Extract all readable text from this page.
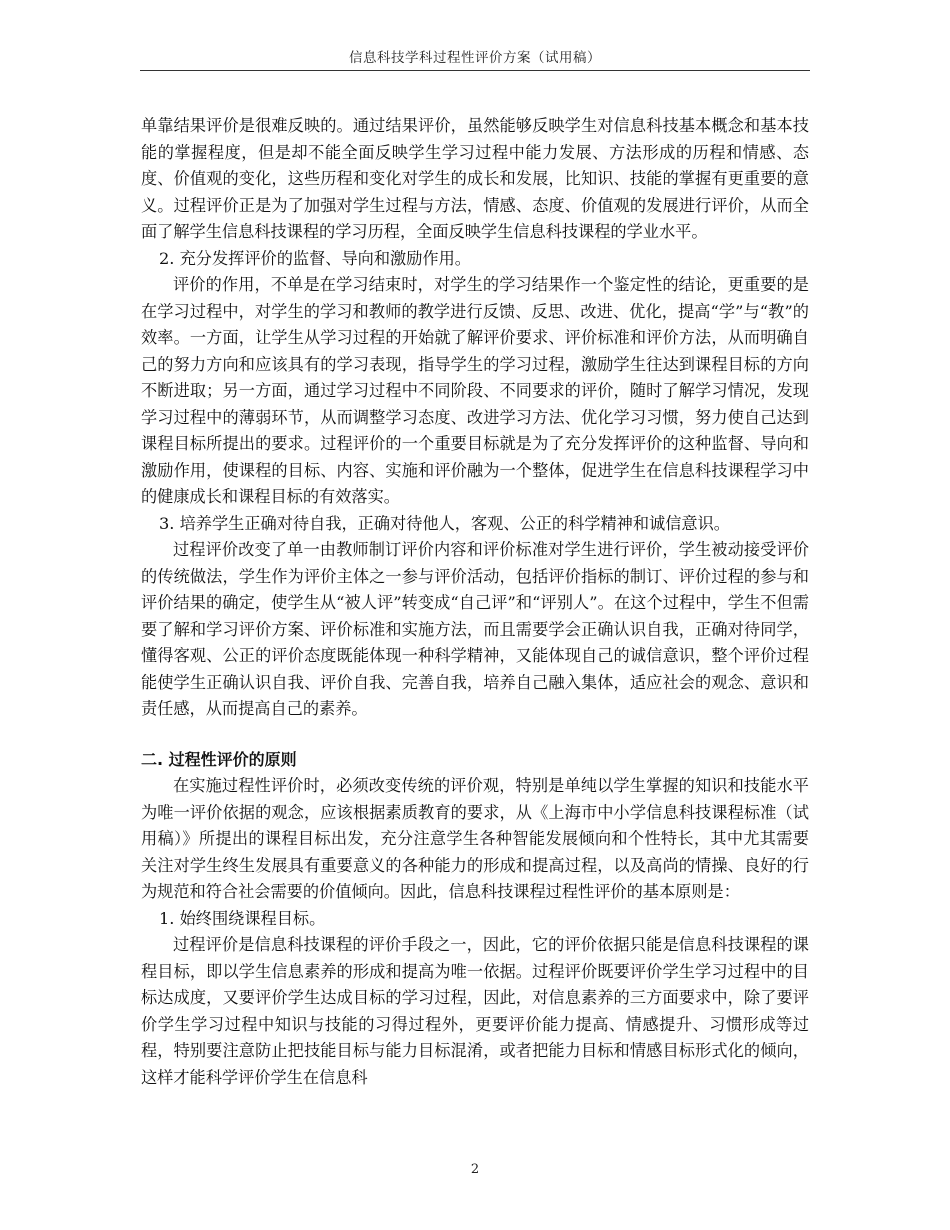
信息科技学科过程性评价方案（试用稿）

单靠结果评价是很难反映的。通过结果评价，虽然能够反映学生对信息科技基本概念和基本技能的掌握程度，但是却不能全面反映学生学习过程中能力发展、方法形成的历程和情感、态度、价值观的变化，这些历程和变化对学生的成长和发展，比知识、技能的掌握有更重要的意义。过程评价正是为了加强对学生过程与方法，情感、态度、价值观的发展进行评价，从而全面了解学生信息科技课程的学习历程，全面反映学生信息科技课程的学业水平。

2. 充分发挥评价的监督、导向和激励作用。

评价的作用，不单是在学习结束时，对学生的学习结果作一个鉴定性的结论，更重要的是在学习过程中，对学生的学习和教师的教学进行反馈、反思、改进、优化，提高“学”与“教”的效率。一方面，让学生从学习过程的开始就了解评价要求、评价标准和评价方法，从而明确自己的努力方向和应该具有的学习表现，指导学生的学习过程，激励学生往达到课程目标的方向不断进取；另一方面，通过学习过程中不同阶段、不同要求的评价，随时了解学习情况，发现学习过程中的薄弱环节，从而调整学习态度、改进学习方法、优化学习习惯，努力使自己达到课程目标所提出的要求。过程评价的一个重要目标就是为了充分发挥评价的这种监督、导向和激励作用，使课程的目标、内容、实施和评价融为一个整体，促进学生在信息科技课程学习中的健康成长和课程目标的有效落实。

3. 培养学生正确对待自我，正确对待他人，客观、公正的科学精神和诚信意识。

过程评价改变了单一由教师制订评价内容和评价标准对学生进行评价，学生被动接受评价的传统做法，学生作为评价主体之一参与评价活动，包括评价指标的制订、评价过程的参与和评价结果的确定，使学生从“被人评”转变成“自己评”和“评别人”。在这个过程中，学生不但需要了解和学习评价方案、评价标准和实施方法，而且需要学会正确认识自我，正确对待同学，懂得客观、公正的评价态度既能体现一种科学精神，又能体现自己的诚信意识，整个评价过程能使学生正确认识自我、评价自我、完善自我，培养自己融入集体，适应社会的观念、意识和责任感，从而提高自己的素养。

二. 过程性评价的原则

在实施过程性评价时，必须改变传统的评价观，特别是单纯以学生掌握的知识和技能水平为唯一评价依据的观念，应该根据素质教育的要求，从《上海市中小学信息科技课程标准（试用稿）》所提出的课程目标出发，充分注意学生各种智能发展倾向和个性特长，其中尤其需要关注对学生终生发展具有重要意义的各种能力的形成和提高过程，以及高尚的情操、良好的行为规范和符合社会需要的价值倾向。因此，信息科技课程过程性评价的基本原则是：

1. 始终围绕课程目标。

过程评价是信息科技课程的评价手段之一，因此，它的评价依据只能是信息科技课程的课程目标，即以学生信息素养的形成和提高为唯一依据。过程评价既要评价学生学习过程中的目标达成度，又要评价学生达成目标的学习过程，因此，对信息素养的三方面要求中，除了要评价学生学习过程中知识与技能的习得过程外，更要评价能力提高、情感提升、习惯形成等过程，特别要注意防止把技能目标与能力目标混淆，或者把能力目标和情感目标形式化的倾向，这样才能科学评价学生在信息科

2
